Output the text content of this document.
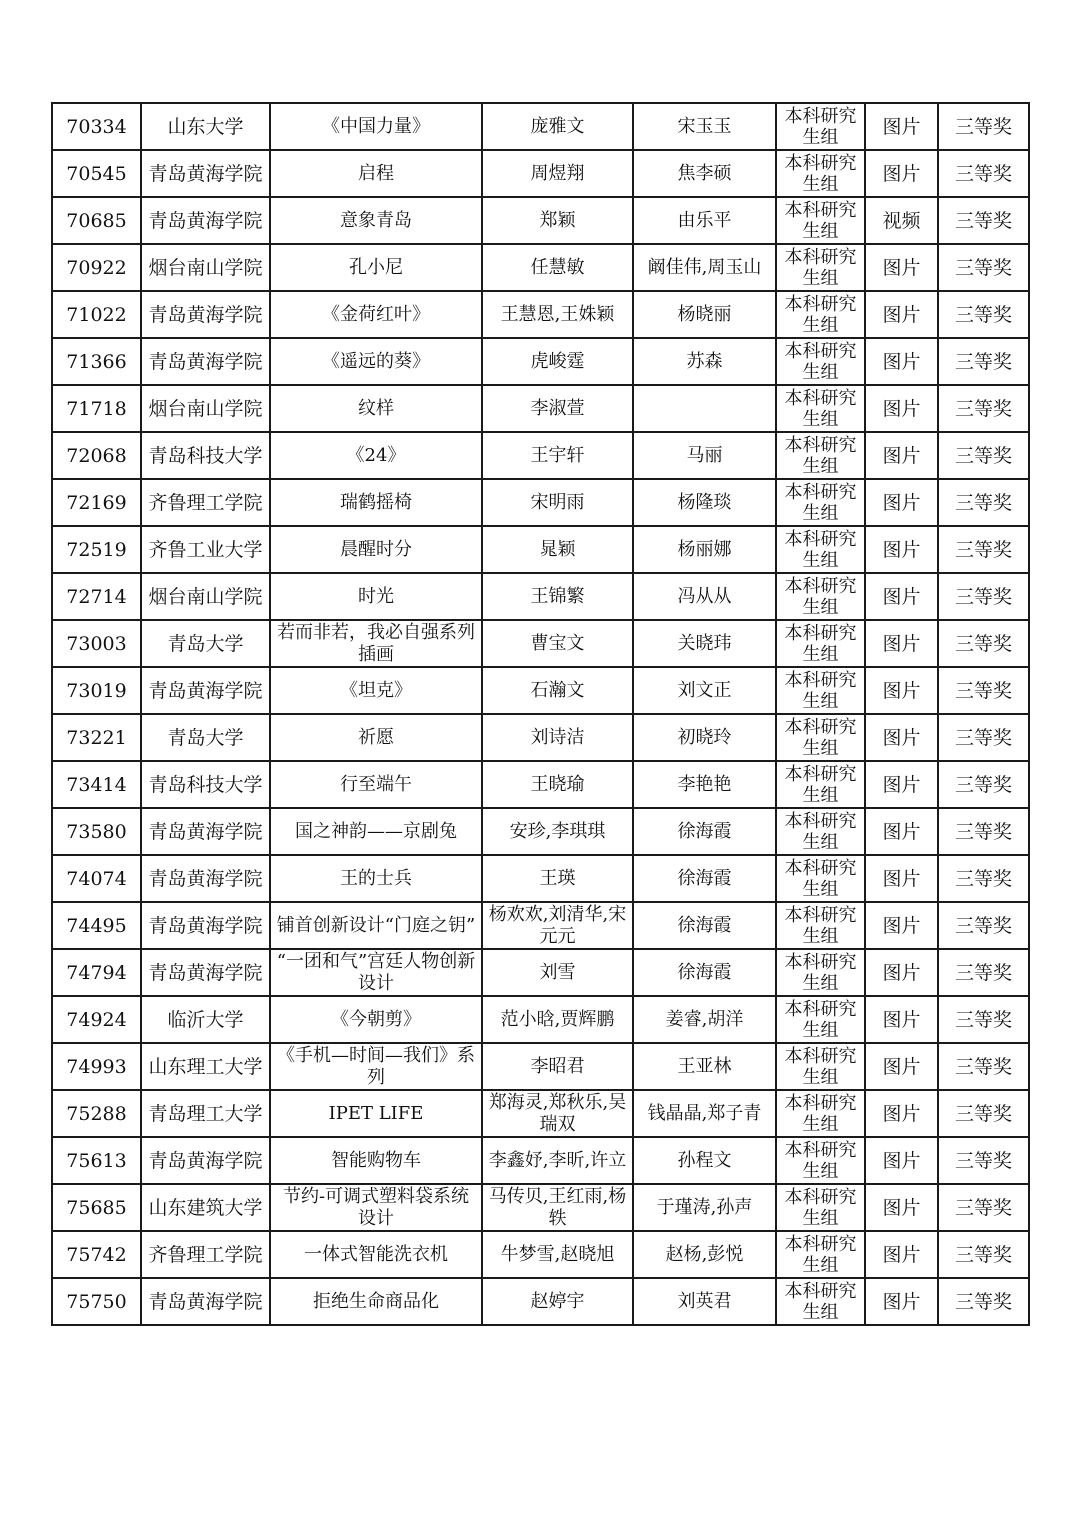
70334	山东大学	《中国力量》	庞雅文	宋玉玉	本科研究生组	图片	三等奖
70545	青岛黄海学院	启程	周煜翔	焦李硕	本科研究生组	图片	三等奖
70685	青岛黄海学院	意象青岛	郑颖	由乐平	本科研究生组	视频	三等奖
70922	烟台南山学院	孔小尼	任慧敏	阚佳伟,周玉山	本科研究生组	图片	三等奖
71022	青岛黄海学院	《金荷红叶》	王慧恩,王姝颖	杨晓丽	本科研究生组	图片	三等奖
71366	青岛黄海学院	《遥远的葵》	虎峻霆	苏森	本科研究生组	图片	三等奖
71718	烟台南山学院	纹样	李淑萱		本科研究生组	图片	三等奖
72068	青岛科技大学	《24》	王宇轩	马丽	本科研究生组	图片	三等奖
72169	齐鲁理工学院	瑞鹤摇椅	宋明雨	杨隆琰	本科研究生组	图片	三等奖
72519	齐鲁工业大学	晨醒时分	晁颖	杨丽娜	本科研究生组	图片	三等奖
72714	烟台南山学院	时光	王锦繁	冯从从	本科研究生组	图片	三等奖
73003	青岛大学	若而非若，我必自强系列插画	曹宝文	关晓玮	本科研究生组	图片	三等奖
73019	青岛黄海学院	《坦克》	石瀚文	刘文正	本科研究生组	图片	三等奖
73221	青岛大学	祈愿	刘诗洁	初晓玲	本科研究生组	图片	三等奖
73414	青岛科技大学	行至端午	王晓瑜	李艳艳	本科研究生组	图片	三等奖
73580	青岛黄海学院	国之神韵——京剧兔	安珍,李琪琪	徐海霞	本科研究生组	图片	三等奖
74074	青岛黄海学院	王的士兵	王瑛	徐海霞	本科研究生组	图片	三等奖
74495	青岛黄海学院	铺首创新设计“门庭之钥”	杨欢欢,刘清华,宋元元	徐海霞	本科研究生组	图片	三等奖
74794	青岛黄海学院	“一团和气”宫廷人物创新设计	刘雪	徐海霞	本科研究生组	图片	三等奖
74924	临沂大学	《今朝剪》	范小晗,贾辉鹏	姜睿,胡洋	本科研究生组	图片	三等奖
74993	山东理工大学	《手机—时间—我们》系列	李昭君	王亚林	本科研究生组	图片	三等奖
75288	青岛理工大学	IPET LIFE	郑海灵,郑秋乐,吴瑞双	钱晶晶,郑子青	本科研究生组	图片	三等奖
75613	青岛黄海学院	智能购物车	李鑫妤,李昕,许立	孙程文	本科研究生组	图片	三等奖
75685	山东建筑大学	节约-可调式塑料袋系统设计	马传贝,王红雨,杨轶	于瑾涛,孙声	本科研究生组	图片	三等奖
75742	齐鲁理工学院	一体式智能洗衣机	牛梦雪,赵晓旭	赵杨,彭悦	本科研究生组	图片	三等奖
75750	青岛黄海学院	拒绝生命商品化	赵婷宇	刘英君	本科研究生组	图片	三等奖
